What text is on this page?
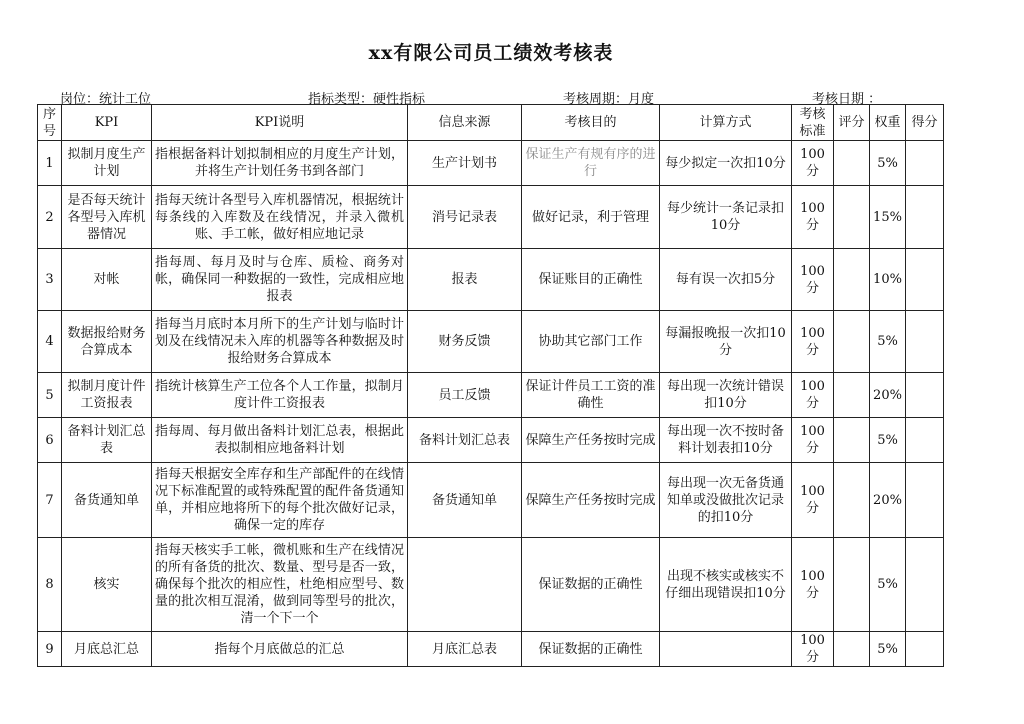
xx有限公司员工绩效考核表
岗位：统计工位	指标类型：硬性指标	考核周期：月度	考核日期 ：
序号	KPI	KPI说明	信息来源	考核目的	计算方式	考核标准	评分	权重	得分
1	拟制月度生产计划	指根据备料计划拟制相应的月度生产计划，并将生产计划任务书到各部门	生产计划书	保证生产有规有序的进行	每少拟定一次扣10分	100分		5%	
2	是否每天统计各型号入库机器情况	指每天统计各型号入库机器情况，根据统计每条线的入库数及在线情况，并录入微机账、手工帐，做好相应地记录	消号记录表	做好记录，利于管理	每少统计一条记录扣10分	100分		15%	
3	对帐	指每周、每月及时与仓库、质检、商务对帐，确保同一种数据的一致性，完成相应地报表	报表	保证账目的正确性	每有误一次扣5分	100分		10%	
4	数据报给财务合算成本	指每当月底时本月所下的生产计划与临时计划及在线情况未入库的机器等各种数据及时报给财务合算成本	财务反馈	协助其它部门工作	每漏报晚报一次扣10分	100分		5%	
5	拟制月度计件工资报表	指统计核算生产工位各个人工作量，拟制月度计件工资报表	员工反馈	保证计件员工工资的准确性	每出现一次统计错误扣10分	100分		20%	
6	备料计划汇总表	指每周、每月做出备料计划汇总表，根据此表拟制相应地备料计划	备料计划汇总表	保障生产任务按时完成	每出现一次不按时备料计划表扣10分	100分		5%	
7	备货通知单	指每天根据安全库存和生产部配件的在线情况下标准配置的或特殊配置的配件备货通知单，并相应地将所下的每个批次做好记录，确保一定的库存	备货通知单	保障生产任务按时完成	每出现一次无备货通知单或没做批次记录的扣10分	100分		20%	
8	核实	指每天核实手工帐，微机账和生产在线情况的所有备货的批次、数量、型号是否一致，确保每个批次的相应性，杜绝相应型号、数量的批次相互混淆，做到同等型号的批次，清一个下一个		保证数据的正确性	出现不核实或核实不仔细出现错误扣10分	100分		5%	
9	月底总汇总	指每个月底做总的汇总	月底汇总表	保证数据的正确性		100分		5%	
